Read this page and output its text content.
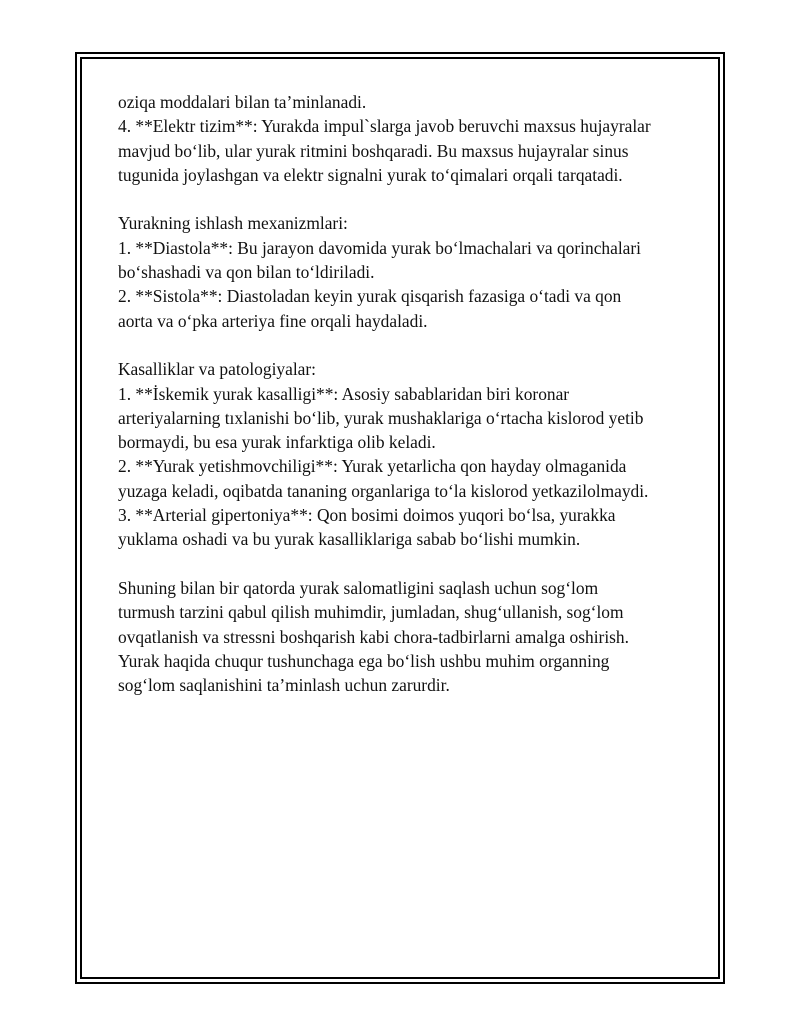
oziqa moddalari bilan ta’minlanadi.
4. **Elektr tizim**: Yurakda impul`slarga javob beruvchi maxsus hujayralar
mavjud bo‘lib, ular yurak ritmini boshqaradi. Bu maxsus hujayralar sinus
tugunida joylashgan va elektr signalni yurak to‘qimalari orqali tarqatadi.
Yurakning ishlash mexanizmlari:
1. **Diastola**: Bu jarayon davomida yurak bo‘lmachalari va qorinchalari
bo‘shashadi va qon bilan to‘ldiriladi.
2. **Sistola**: Diastoladan keyin yurak qisqarish fazasiga o‘tadi va qon
aorta va o‘pka arteriya fine orqali haydaladi.
Kasalliklar va patologiyalar:
1. **İskemik yurak kasalligi**: Asosiy sabablaridan biri koronar
arteriyalarning tıxlanishi bo‘lib, yurak mushaklariga o‘rtacha kislorod yetib
bormaydi, bu esa yurak infarktiga olib keladi.
2. **Yurak yetishmovchiligi**: Yurak yetarlicha qon hayday olmaganida
yuzaga keladi, oqibatda tananing organlariga to‘la kislorod yetkazilolmaydi.
3. **Arterial gipertoniya**: Qon bosimi doimos yuqori bo‘lsa, yurakka
yuklama oshadi va bu yurak kasalliklariga sabab bo‘lishi mumkin.
Shuning bilan bir qatorda yurak salomatligini saqlash uchun sog‘lom
turmush tarzini qabul qilish muhimdir, jumladan, shug‘ullanish, sog‘lom
ovqatlanish va stressni boshqarish kabi chora-tadbirlarni amalga oshirish.
Yurak haqida chuqur tushunchaga ega bo‘lish ushbu muhim organning
sog‘lom saqlanishini ta’minlash uchun zarurdir.
